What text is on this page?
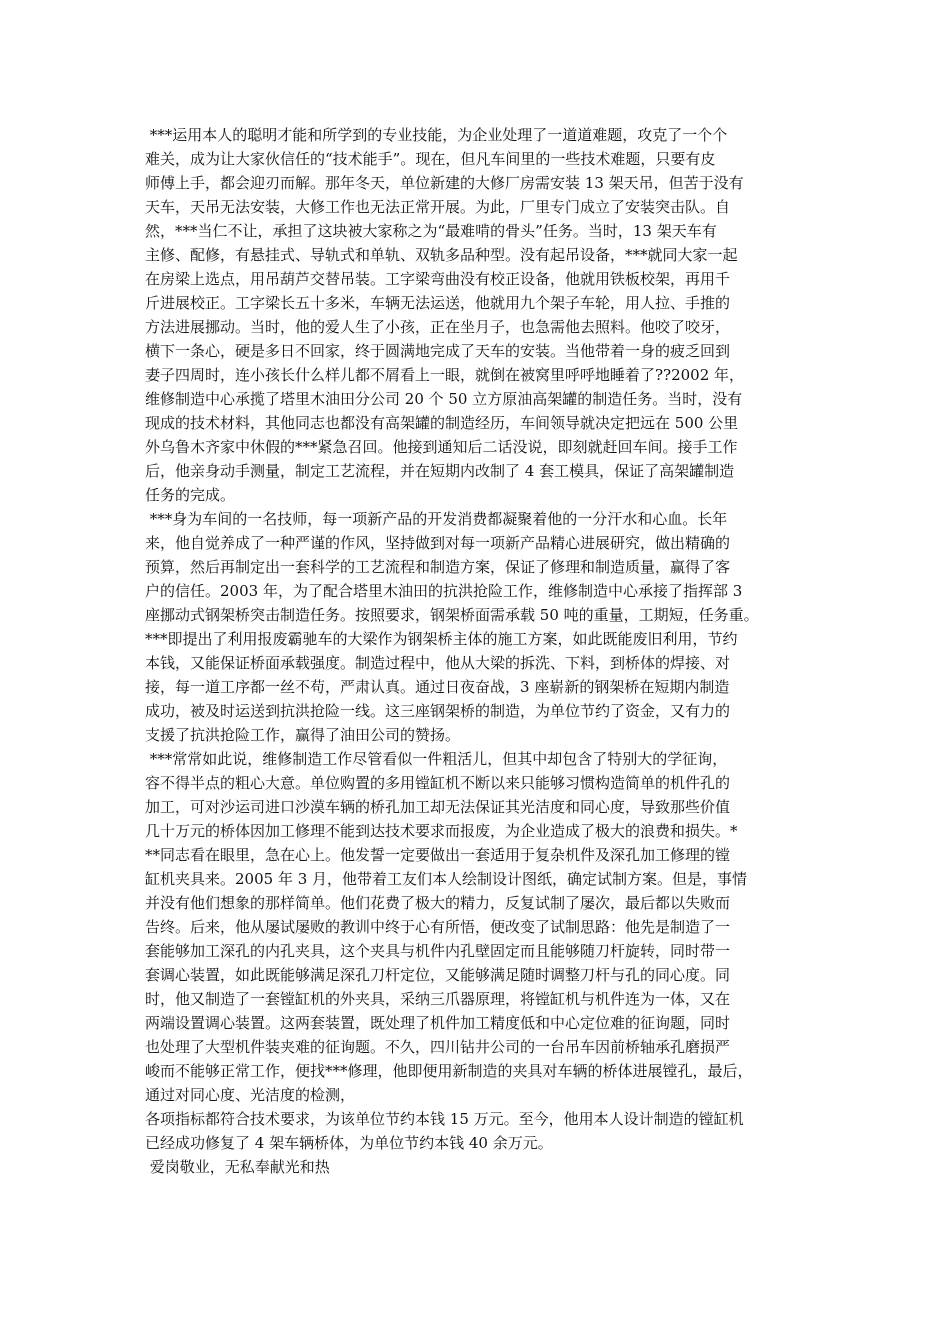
***运用本人的聪明才能和所学到的专业技能，为企业处理了一道道难题，攻克了一个个
难关，成为让大家伙信任的“技术能手”。现在，但凡车间里的一些技术难题，只要有皮
师傅上手，都会迎刃而解。那年冬天，单位新建的大修厂房需安装 13 架天吊，但苦于没有
天车，天吊无法安装，大修工作也无法正常开展。为此，厂里专门成立了安装突击队。自
然，***当仁不让，承担了这块被大家称之为“最难啃的骨头”任务。当时，13 架天车有
主修、配修，有悬挂式、导轨式和单轨、双轨多品种型。没有起吊设备，***就同大家一起
在房梁上选点，用吊葫芦交替吊装。工字梁弯曲没有校正设备，他就用铁板校架，再用千
斤进展校正。工字梁长五十多米，车辆无法运送，他就用九个架子车轮，用人拉、手推的
方法进展挪动。当时，他的爱人生了小孩，正在坐月子，也急需他去照料。他咬了咬牙，
横下一条心，硬是多日不回家，终于圆满地完成了天车的安装。当他带着一身的疲乏回到
妻子四周时，连小孩长什么样儿都不屑看上一眼，就倒在被窝里呼呼地睡着了??2002 年，
维修制造中心承揽了塔里木油田分公司 20 个 50 立方原油高架罐的制造任务。当时，没有
现成的技术材料，其他同志也都没有高架罐的制造经历，车间领导就决定把远在 500 公里
外乌鲁木齐家中休假的***紧急召回。他接到通知后二话没说，即刻就赶回车间。接手工作
后，他亲身动手测量，制定工艺流程，并在短期内改制了 4 套工模具，保证了高架罐制造
任务的完成。
***身为车间的一名技师，每一项新产品的开发消费都凝聚着他的一分汗水和心血。长年
来，他自觉养成了一种严谨的作风，坚持做到对每一项新产品精心进展研究，做出精确的
预算，然后再制定出一套科学的工艺流程和制造方案，保证了修理和制造质量，赢得了客
户的信任。2003 年，为了配合塔里木油田的抗洪抢险工作，维修制造中心承接了指挥部 3
座挪动式钢架桥突击制造任务。按照要求，钢架桥面需承载 50 吨的重量，工期短，任务重。
***即提出了利用报废霸驰车的大梁作为钢架桥主体的施工方案，如此既能废旧利用，节约
本钱，又能保证桥面承载强度。制造过程中，他从大梁的拆洗、下料，到桥体的焊接、对
接，每一道工序都一丝不苟，严肃认真。通过日夜奋战，3 座崭新的钢架桥在短期内制造
成功，被及时运送到抗洪抢险一线。这三座钢架桥的制造，为单位节约了资金，又有力的
支援了抗洪抢险工作，赢得了油田公司的赞扬。
***常常如此说，维修制造工作尽管看似一件粗活儿，但其中却包含了特别大的学征询，
容不得半点的粗心大意。单位购置的多用镗缸机不断以来只能够习惯构造简单的机件孔的
加工，可对沙运司进口沙漠车辆的桥孔加工却无法保证其光洁度和同心度，导致那些价值
几十万元的桥体因加工修理不能到达技术要求而报废，为企业造成了极大的浪费和损失。*
**同志看在眼里，急在心上。他发誓一定要做出一套适用于复杂机件及深孔加工修理的镗
缸机夹具来。2005 年 3 月，他带着工友们本人绘制设计图纸，确定试制方案。但是，事情
并没有他们想象的那样简单。他们花费了极大的精力，反复试制了屡次，最后都以失败而
告终。后来，他从屡试屡败的教训中终于心有所悟，便改变了试制思路：他先是制造了一
套能够加工深孔的内孔夹具，这个夹具与机件内孔壁固定而且能够随刀杆旋转，同时带一
套调心装置，如此既能够满足深孔刀杆定位，又能够满足随时调整刀杆与孔的同心度。同
时，他又制造了一套镗缸机的外夹具，采纳三爪器原理，将镗缸机与机件连为一体，又在
两端设置调心装置。这两套装置，既处理了机件加工精度低和中心定位难的征询题，同时
也处理了大型机件装夹难的征询题。不久，四川钻井公司的一台吊车因前桥轴承孔磨损严
峻而不能够正常工作，便找***修理，他即便用新制造的夹具对车辆的桥体进展镗孔，最后，
通过对同心度、光洁度的检测，
各项指标都符合技术要求，为该单位节约本钱 15 万元。至今，他用本人设计制造的镗缸机
已经成功修复了 4 架车辆桥体，为单位节约本钱 40 余万元。
爱岗敬业，无私奉献光和热
